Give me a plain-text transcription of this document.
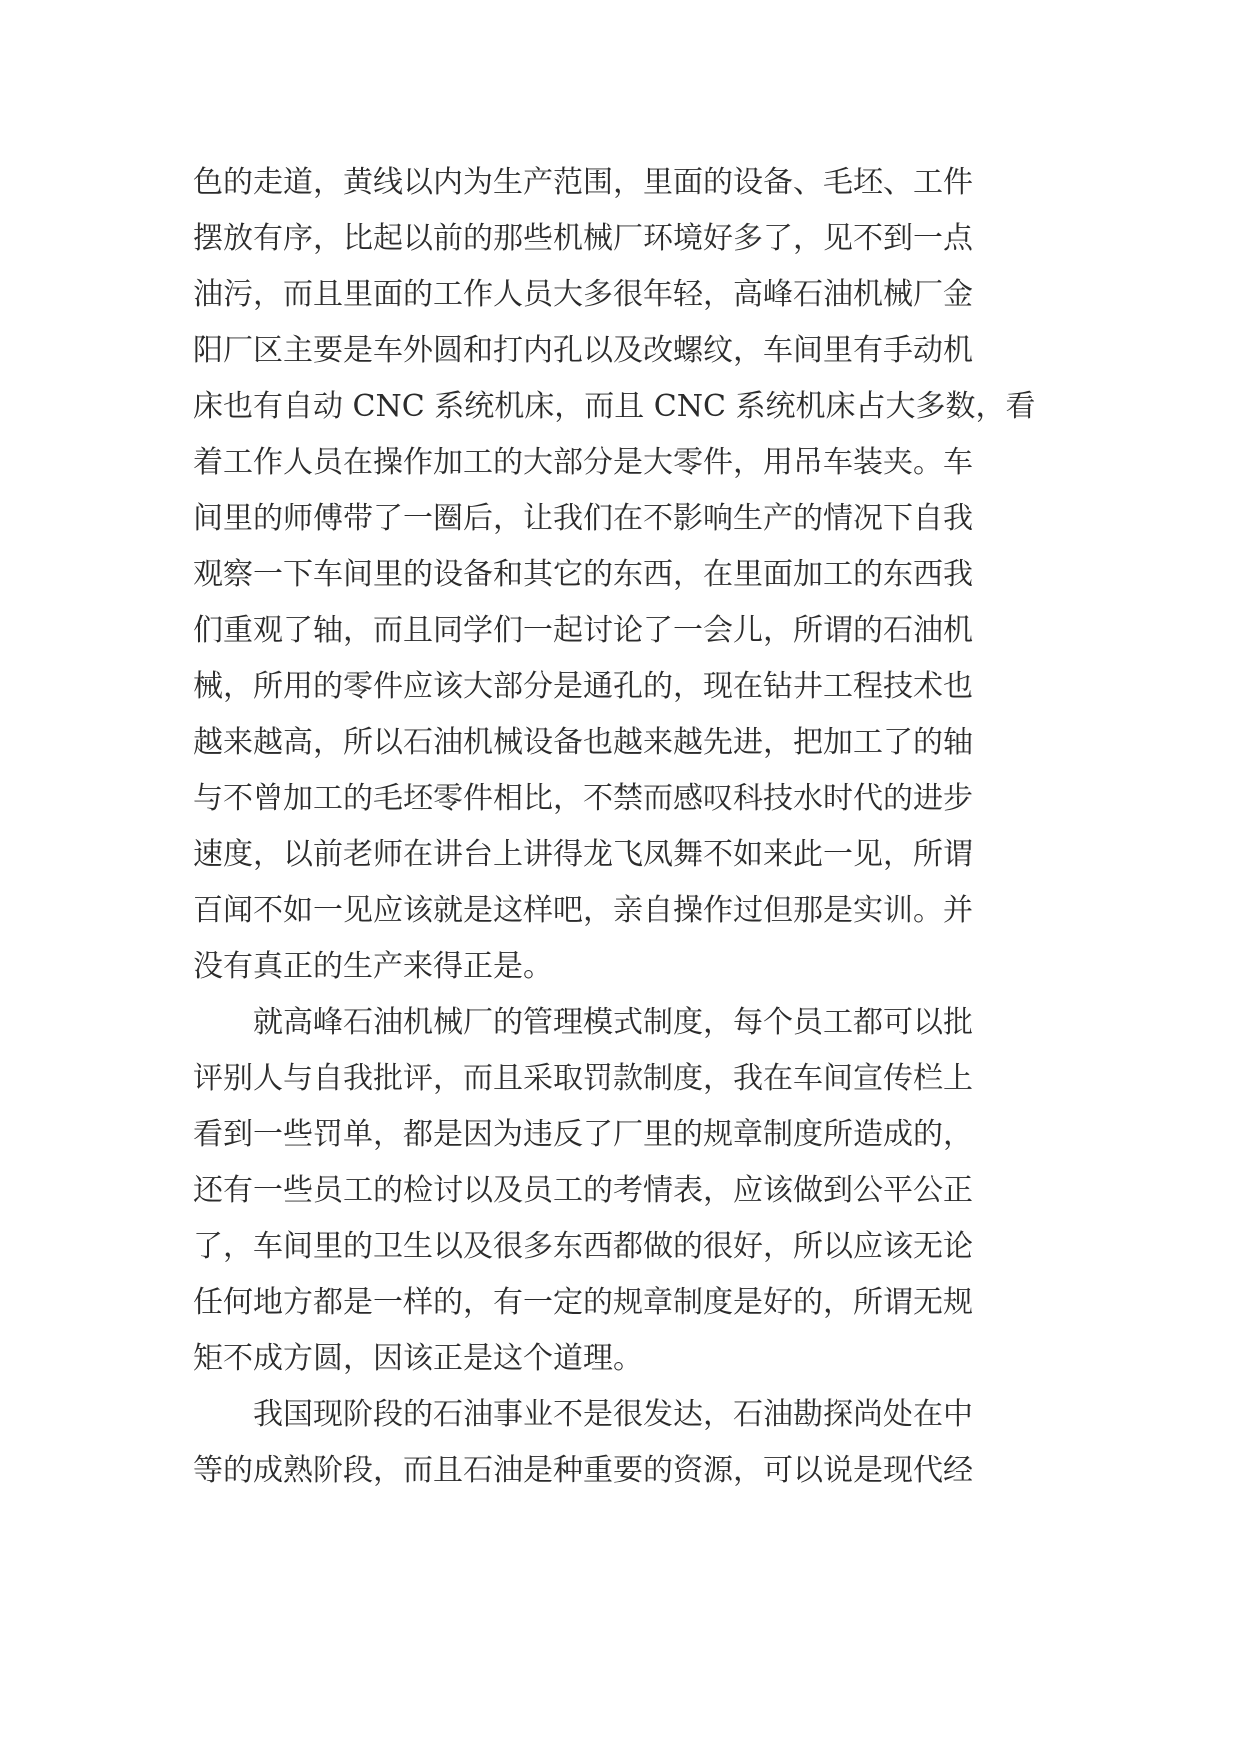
色的走道，黄线以内为生产范围，里面的设备、毛坯、工件
摆放有序，比起以前的那些机械厂环境好多了，见不到一点
油污，而且里面的工作人员大多很年轻，高峰石油机械厂金
阳厂区主要是车外圆和打内孔以及改螺纹，车间里有手动机
床也有自动 CNC 系统机床，而且 CNC 系统机床占大多数，看
着工作人员在操作加工的大部分是大零件，用吊车装夹。车
间里的师傅带了一圈后，让我们在不影响生产的情况下自我
观察一下车间里的设备和其它的东西，在里面加工的东西我
们重观了轴，而且同学们一起讨论了一会儿，所谓的石油机
械，所用的零件应该大部分是通孔的，现在钻井工程技术也
越来越高，所以石油机械设备也越来越先进，把加工了的轴
与不曾加工的毛坯零件相比，不禁而感叹科技水时代的进步
速度，以前老师在讲台上讲得龙飞凤舞不如来此一见，所谓
百闻不如一见应该就是这样吧，亲自操作过但那是实训。并
没有真正的生产来得正是。
　　就高峰石油机械厂的管理模式制度，每个员工都可以批
评别人与自我批评，而且采取罚款制度，我在车间宣传栏上
看到一些罚单，都是因为违反了厂里的规章制度所造成的，
还有一些员工的检讨以及员工的考情表，应该做到公平公正
了，车间里的卫生以及很多东西都做的很好，所以应该无论
任何地方都是一样的，有一定的规章制度是好的，所谓无规
矩不成方圆，因该正是这个道理。
　　我国现阶段的石油事业不是很发达，石油勘探尚处在中
等的成熟阶段，而且石油是种重要的资源，可以说是现代经
